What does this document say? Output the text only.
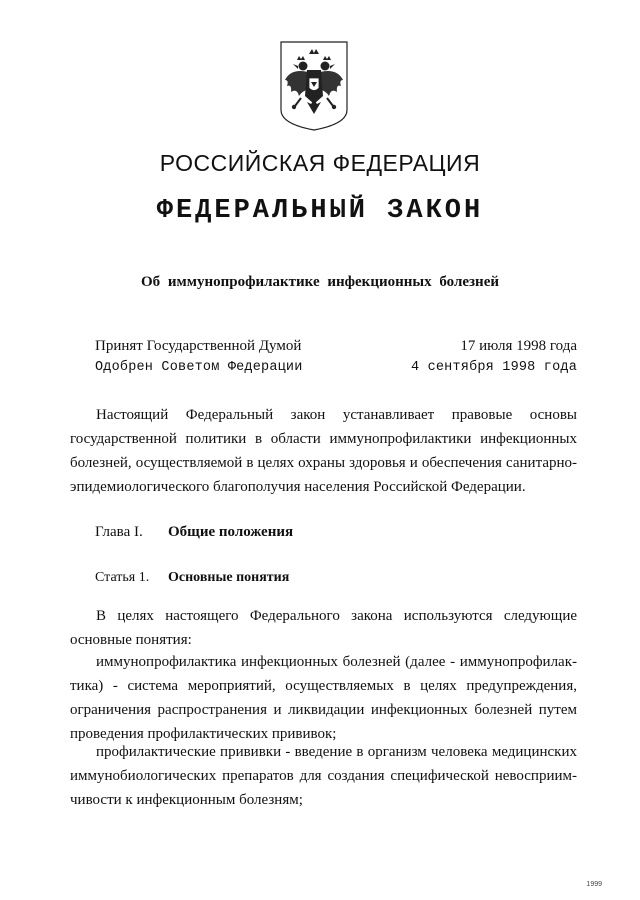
РОССИЙСКАЯ ФЕДЕРАЦИЯ
ФЕДЕРАЛЬНЫЙ ЗАКОН
Об иммунопрофилактике инфекционных болезней
Принят Государственной Думой	17 июля 1998 года
Одобрен Советом Федерации	4 сентября 1998 года
Настоящий Федеральный закон устанавливает правовые основы государственной политики в области иммунопрофилактики инфекционных болезней, осуществляемой в целях охраны здоровья и обеспечения санитарно-эпидемиологического благополучия населения Российской Федерации.
Глава I. Общие положения
Статья 1. Основные понятия
В целях настоящего Федерального закона используются следующие основные понятия:
иммунопрофилактика инфекционных болезней (далее - иммунопрофилак-тика) - система мероприятий, осуществляемых в целях предупреждения, ограничения распространения и ликвидации инфекционных болезней путем проведения профилактических прививок;
профилактические прививки - введение в организм человека медицинских иммунобиологических препаратов для создания специфической невосприим-чивости к инфекционным болезням;
1999
